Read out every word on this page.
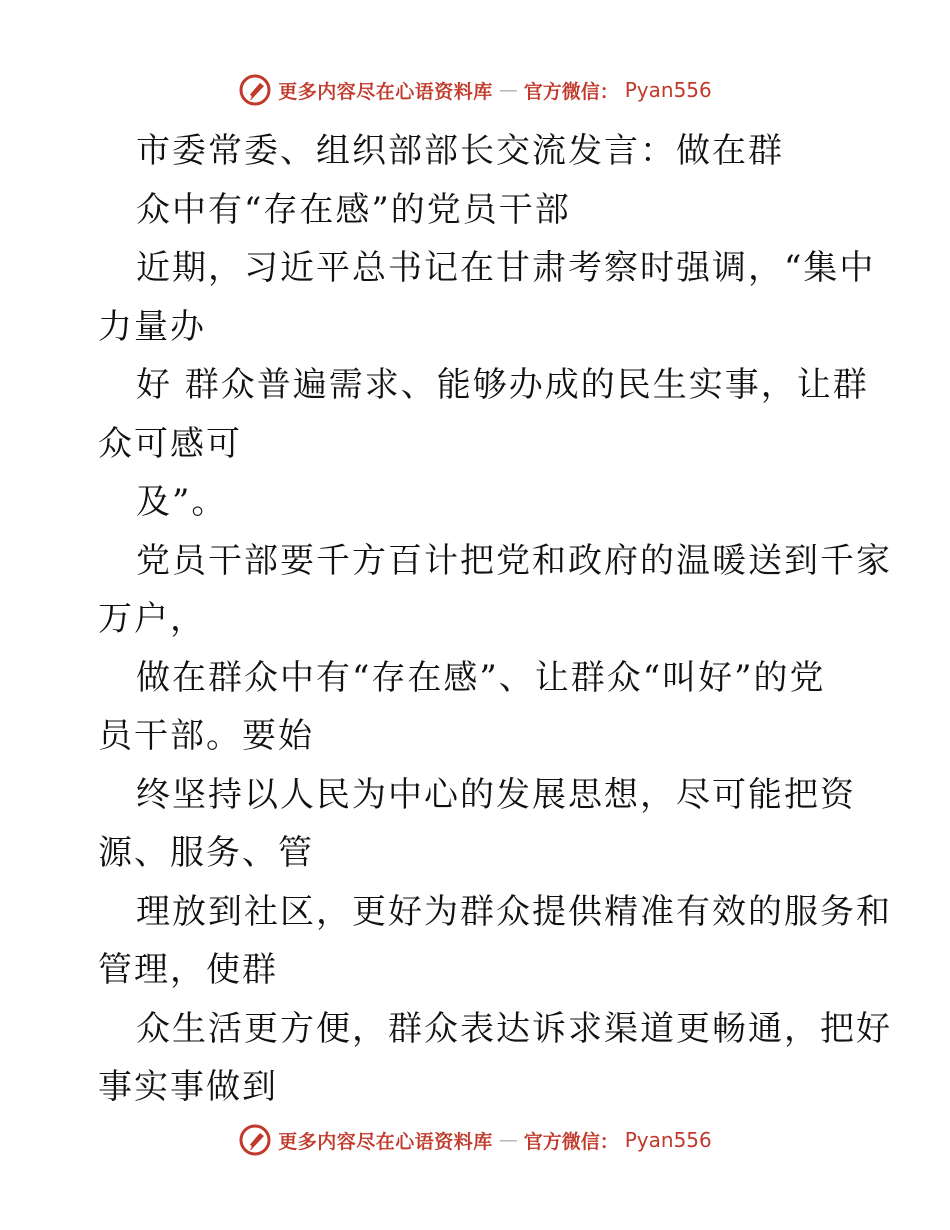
更多内容尽在心语资料库 — 官方微信： Pyan556
市委常委、组织部部长交流发言：做在群
众中有“存在感”的党员干部
近期，习近平总书记在甘肃考察时强调，“集中
力量办
好 群众普遍需求、能够办成的民生实事，让群
众可感可
及”。
党员干部要千方百计把党和政府的温暖送到千家
万户，
做在群众中有“存在感”、让群众“叫好”的党
员干部。要始
终坚持以人民为中心的发展思想，尽可能把资
源、服务、管
理放到社区，更好为群众提供精准有效的服务和
管理，使群
众生活更方便，群众表达诉求渠道更畅通，把好
事实事做到
更多内容尽在心语资料库 — 官方微信： Pyan556
